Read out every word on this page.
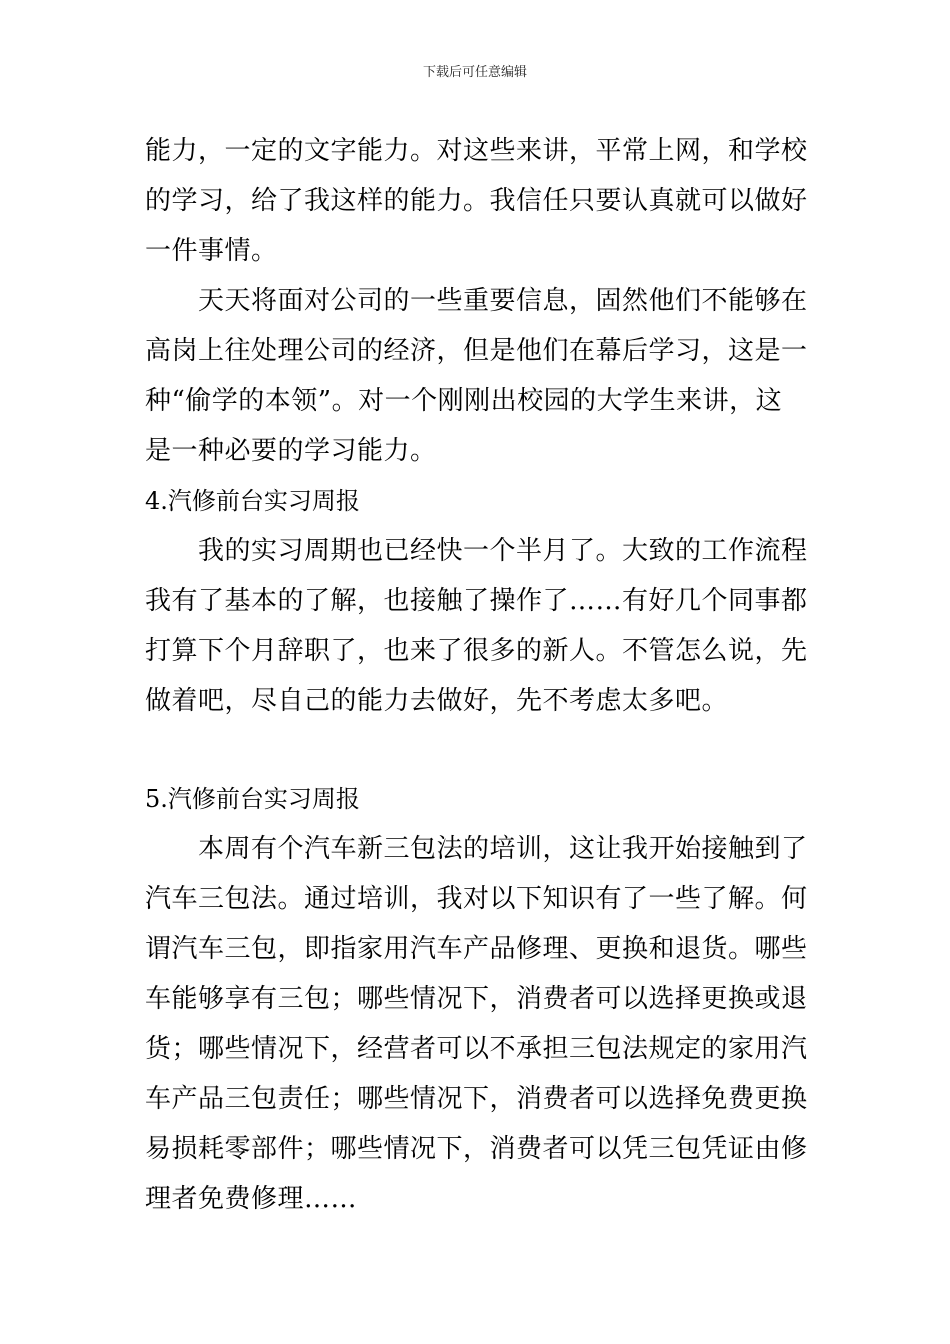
下载后可任意编辑
能力，一定的文字能力。对这些来讲，平常上网，和学校
的学习，给了我这样的能力。我信任只要认真就可以做好
一件事情。
　　天天将面对公司的一些重要信息，固然他们不能够在
高岗上往处理公司的经济，但是他们在幕后学习，这是一
种“偷学的本领”。对一个刚刚出校园的大学生来讲，这
是一种必要的学习能力。
4.汽修前台实习周报
　　我的实习周期也已经快一个半月了。大致的工作流程
我有了基本的了解，也接触了操作了……有好几个同事都
打算下个月辞职了，也来了很多的新人。不管怎么说，先
做着吧，尽自己的能力去做好，先不考虑太多吧。
5.汽修前台实习周报
　　本周有个汽车新三包法的培训，这让我开始接触到了
汽车三包法。通过培训，我对以下知识有了一些了解。何
谓汽车三包，即指家用汽车产品修理、更换和退货。哪些
车能够享有三包；哪些情况下，消费者可以选择更换或退
货；哪些情况下，经营者可以不承担三包法规定的家用汽
车产品三包责任；哪些情况下，消费者可以选择免费更换
易损耗零部件；哪些情况下，消费者可以凭三包凭证由修
理者免费修理……
